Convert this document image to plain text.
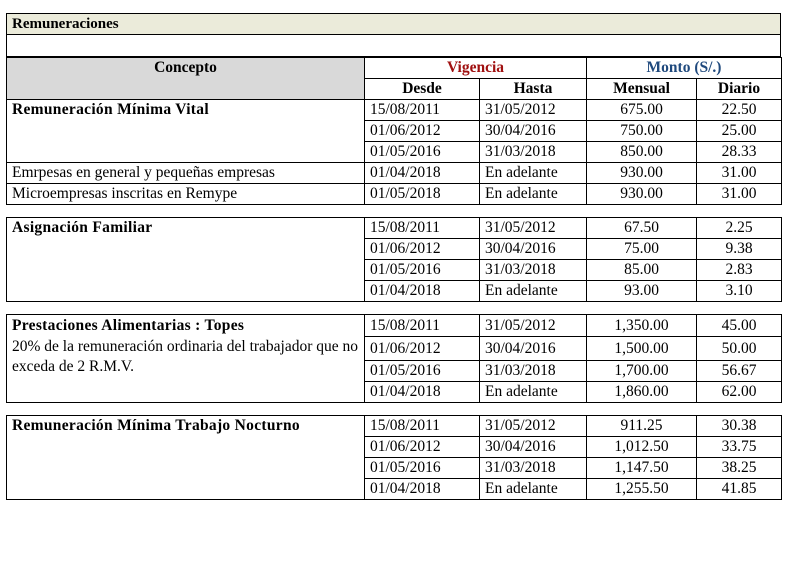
Remuneraciones
Concepto	Vigencia		Monto (S/.)	
	Desde	Hasta	Mensual	Diario
Remuneración Mínima Vital	15/08/2011	31/05/2012	675.00	22.50
	01/06/2012	30/04/2016	750.00	25.00
	01/05/2016	31/03/2018	850.00	28.33
Emrpesas en general y pequeñas empresas	01/04/2018	En adelante	930.00	31.00
Microempresas inscritas en Remype	01/05/2018	En adelante	930.00	31.00

Asignación Familiar	15/08/2011	31/05/2012	67.50	2.25
	01/06/2012	30/04/2016	75.00	9.38
	01/05/2016	31/03/2018	85.00	2.83
	01/04/2018	En adelante	93.00	3.10

Prestaciones Alimentarias : Topes	15/08/2011	31/05/2012	1,350.00	45.00
20% de la remuneración ordinaria del trabajador que no exceda de 2 R.M.V.	01/06/2012	30/04/2016	1,500.00	50.00
	01/05/2016	31/03/2018	1,700.00	56.67
	01/04/2018	En adelante	1,860.00	62.00

Remuneración Mínima Trabajo Nocturno	15/08/2011	31/05/2012	911.25	30.38
	01/06/2012	30/04/2016	1,012.50	33.75
	01/05/2016	31/03/2018	1,147.50	38.25
	01/04/2018	En adelante	1,255.50	41.85
